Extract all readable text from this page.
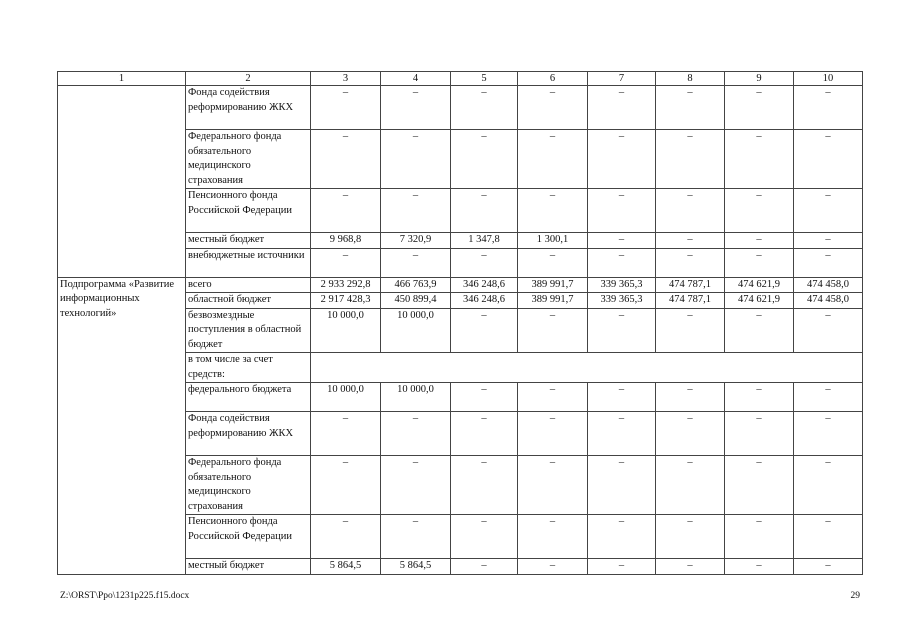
1	2	3	4	5	6	7	8	9	10
	Фонда содействия реформированию ЖКХ	–	–	–	–	–	–	–	–
	Федерального фонда обязательного медицинского страхования	–	–	–	–	–	–	–	–
	Пенсионного фонда Российской Федерации	–	–	–	–	–	–	–	–
	местный бюджет	9 968,8	7 320,9	1 347,8	1 300,1	–	–	–	–
	внебюджетные источники	–	–	–	–	–	–	–	–
Подпрограмма «Развитие информационных технологий»	всего	2 933 292,8	466 763,9	346 248,6	389 991,7	339 365,3	474 787,1	474 621,9	474 458,0
	областной бюджет	2 917 428,3	450 899,4	346 248,6	389 991,7	339 365,3	474 787,1	474 621,9	474 458,0
	безвозмездные поступления в областной бюджет	10 000,0	10 000,0	–	–	–	–	–	–
	в том числе за счет средств:								
	федерального бюджета	10 000,0	10 000,0	–	–	–	–	–	–
	Фонда содействия реформированию ЖКХ	–	–	–	–	–	–	–	–
	Федерального фонда обязательного медицинского страхования	–	–	–	–	–	–	–	–
	Пенсионного фонда Российской Федерации	–	–	–	–	–	–	–	–
	местный бюджет	5 864,5	5 864,5	–	–	–	–	–	–
Z:\ORST\Ppo\1231p225.f15.docx	29
